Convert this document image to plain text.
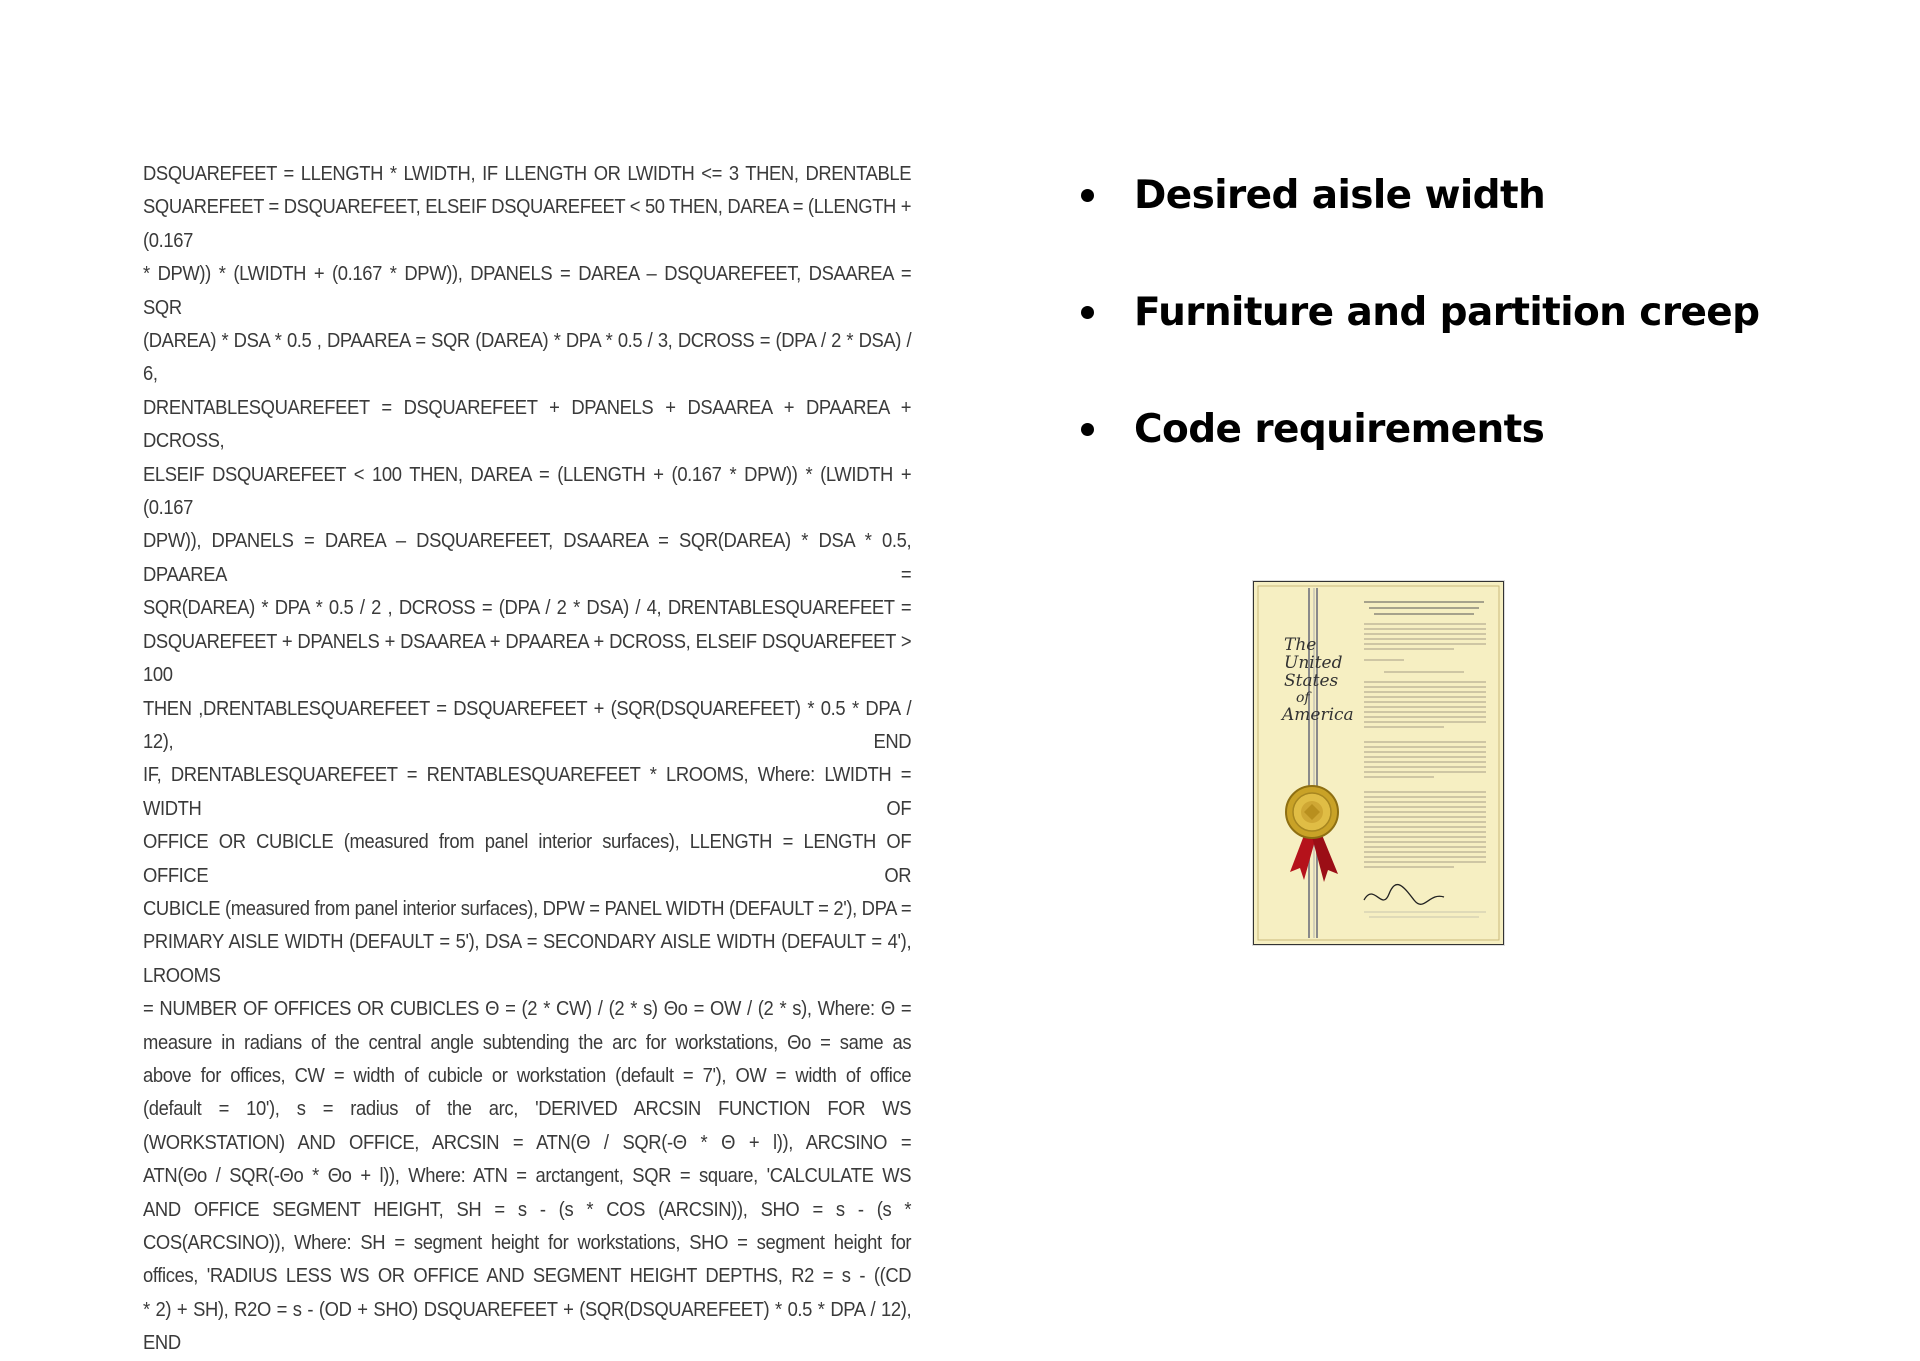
DSQUAREFEET = LLENGTH * LWIDTH, IF LLENGTH OR LWIDTH <= 3 THEN, DRENTABLE
SQUAREFEET = DSQUAREFEET, ELSEIF DSQUAREFEET < 50 THEN, DAREA = (LLENGTH + (0.167
* DPW)) * (LWIDTH + (0.167 * DPW)), DPANELS = DAREA – DSQUAREFEET, DSAAREA = SQR
(DAREA) * DSA * 0.5 , DPAAREA = SQR (DAREA) * DPA * 0.5 / 3, DCROSS = (DPA / 2 * DSA) / 6,
DRENTABLESQUAREFEET = DSQUAREFEET + DPANELS + DSAAREA + DPAAREA + DCROSS,
ELSEIF DSQUAREFEET < 100 THEN, DAREA = (LLENGTH + (0.167 * DPW)) * (LWIDTH + (0.167
DPW)), DPANELS = DAREA – DSQUAREFEET, DSAAREA = SQR(DAREA) * DSA * 0.5, DPAAREA =
SQR(DAREA) * DPA * 0.5 / 2 , DCROSS = (DPA / 2 * DSA) / 4, DRENTABLESQUAREFEET =
DSQUAREFEET + DPANELS + DSAAREA + DPAAREA + DCROSS, ELSEIF DSQUAREFEET > 100
THEN ,DRENTABLESQUAREFEET = DSQUAREFEET + (SQR(DSQUAREFEET) * 0.5 * DPA / 12), END
IF, DRENTABLESQUAREFEET = RENTABLESQUAREFEET * LROOMS, Where: LWIDTH = WIDTH OF
OFFICE OR CUBICLE (measured from panel interior surfaces), LLENGTH = LENGTH OF OFFICE OR
CUBICLE (measured from panel interior surfaces), DPW = PANEL WIDTH (DEFAULT = 2'), DPA =
PRIMARY AISLE WIDTH (DEFAULT = 5'), DSA = SECONDARY AISLE WIDTH (DEFAULT = 4'), LROOMS
= NUMBER OF OFFICES OR CUBICLES Θ = (2 * CW) / (2 * s) Θo = OW / (2 * s), Where: Θ =
measure in radians of the central angle subtending the arc for workstations, Θo = same as
above for offices, CW = width of cubicle or workstation (default = 7'), OW = width of office
(default = 10'), s = radius of the arc, 'DERIVED ARCSIN FUNCTION FOR WS
(WORKSTATION) AND OFFICE, ARCSIN = ATN(Θ / SQR(-Θ * Θ + l)), ARCSINO =
ATN(Θo / SQR(-Θo * Θo + l)), Where: ATN = arctangent, SQR = square, 'CALCULATE WS
AND OFFICE SEGMENT HEIGHT, SH = s - (s * COS (ARCSIN)), SHO = s - (s *
COS(ARCSINO)), Where: SH = segment height for workstations, SHO = segment height for
offices, 'RADIUS LESS WS OR OFFICE AND SEGMENT HEIGHT DEPTHS, R2 = s - ((CD
* 2) + SH), R2O = s - (OD + SHO) DSQUAREFEET + (SQR(DSQUAREFEET) * 0.5 * DPA / 12), END
Desired aisle width
Furniture and partition creep
Code requirements
The
United
States
of
America
